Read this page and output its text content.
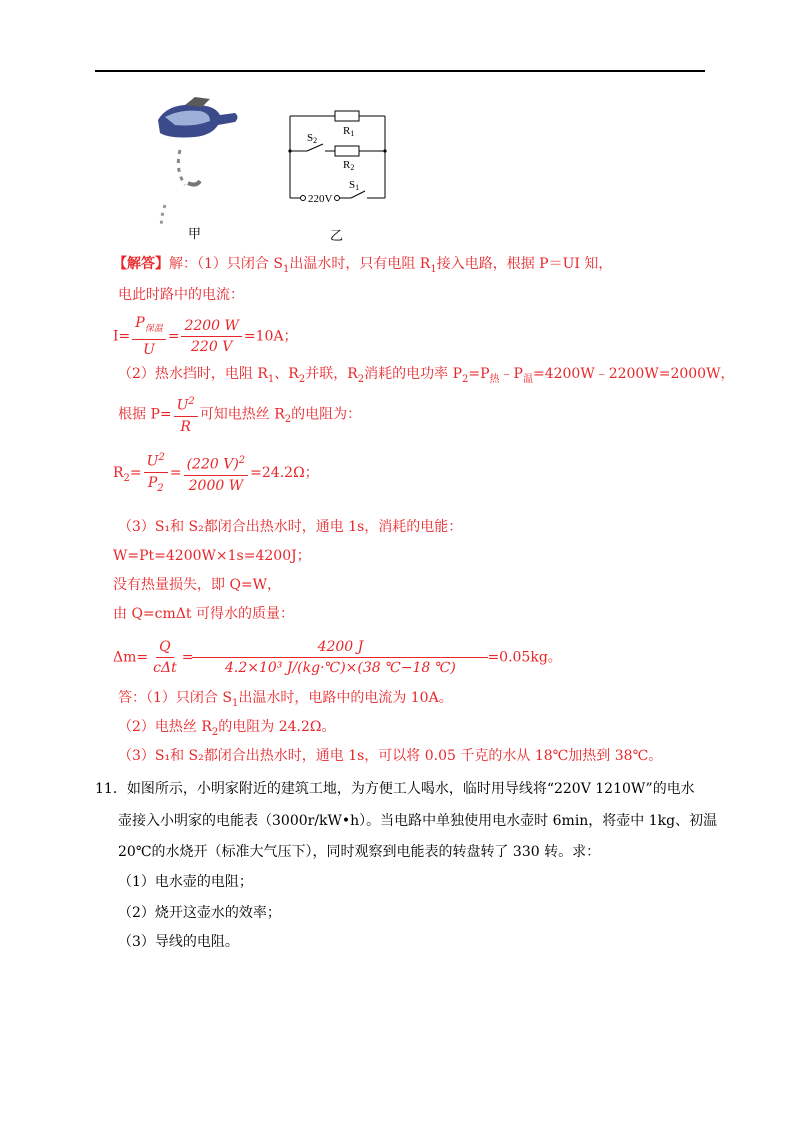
甲
R1
R2
S2
S1
220V
乙
【解答】解：（1）只闭合 $S_1$出温水时，只有电阻 $R_1$接入电路，根据 P＝UI 知，
电此时路中的电流：
$I= \frac{P_{保温}}{U} = \frac{2200 W}{220 V} =10A$；
（2）热水挡时，电阻 $R_1$、$R_2$并联，$R_2$消耗的电功率 $P_2=P_热﹣P_温=4200W﹣2200W=2000W$，
根据 $P= \frac{U^2}{R}$ 可知电热丝 $R_2$的电阻为：
$R_2= \frac{U^2}{P_2} = \frac{(220 V)^2}{2000 W} =24.2\Omega$；
（3）S₁和 S₂都闭合出热水时，通电 1s，消耗的电能：
W=Pt=4200W×1s=4200J；
没有热量损失，即 Q=W，
由 Q=cmΔt 可得水的质量：
$\Delta m= \frac{Q}{\text{cΔt}} = \frac{4200 J}{\text{4.2×10³ J/(kg·℃)×(38 ℃−18 ℃)}} =0.05kg$。
答：（1）只闭合 $S_1$出温水时，电路中的电流为 10A。
（2）电热丝 $R_2$的电阻为 24.2Ω。
（3）S₁和 S₂都闭合出热水时，通电 1s，可以将 0.05 千克的水从 18℃加热到 38℃。
11．如图所示，小明家附近的建筑工地，为方便工人喝水，临时用导线将“220V 1210W”的电水
壶接入小明家的电能表（3000r/kW•h）。当电路中单独使用电水壶时 6min，将壶中 1kg、初温
20℃的水烧开（标准大气压下），同时观察到电能表的转盘转了 330 转。求：
（1）电水壶的电阻；
（2）烧开这壶水的效率；
（3）导线的电阻。
